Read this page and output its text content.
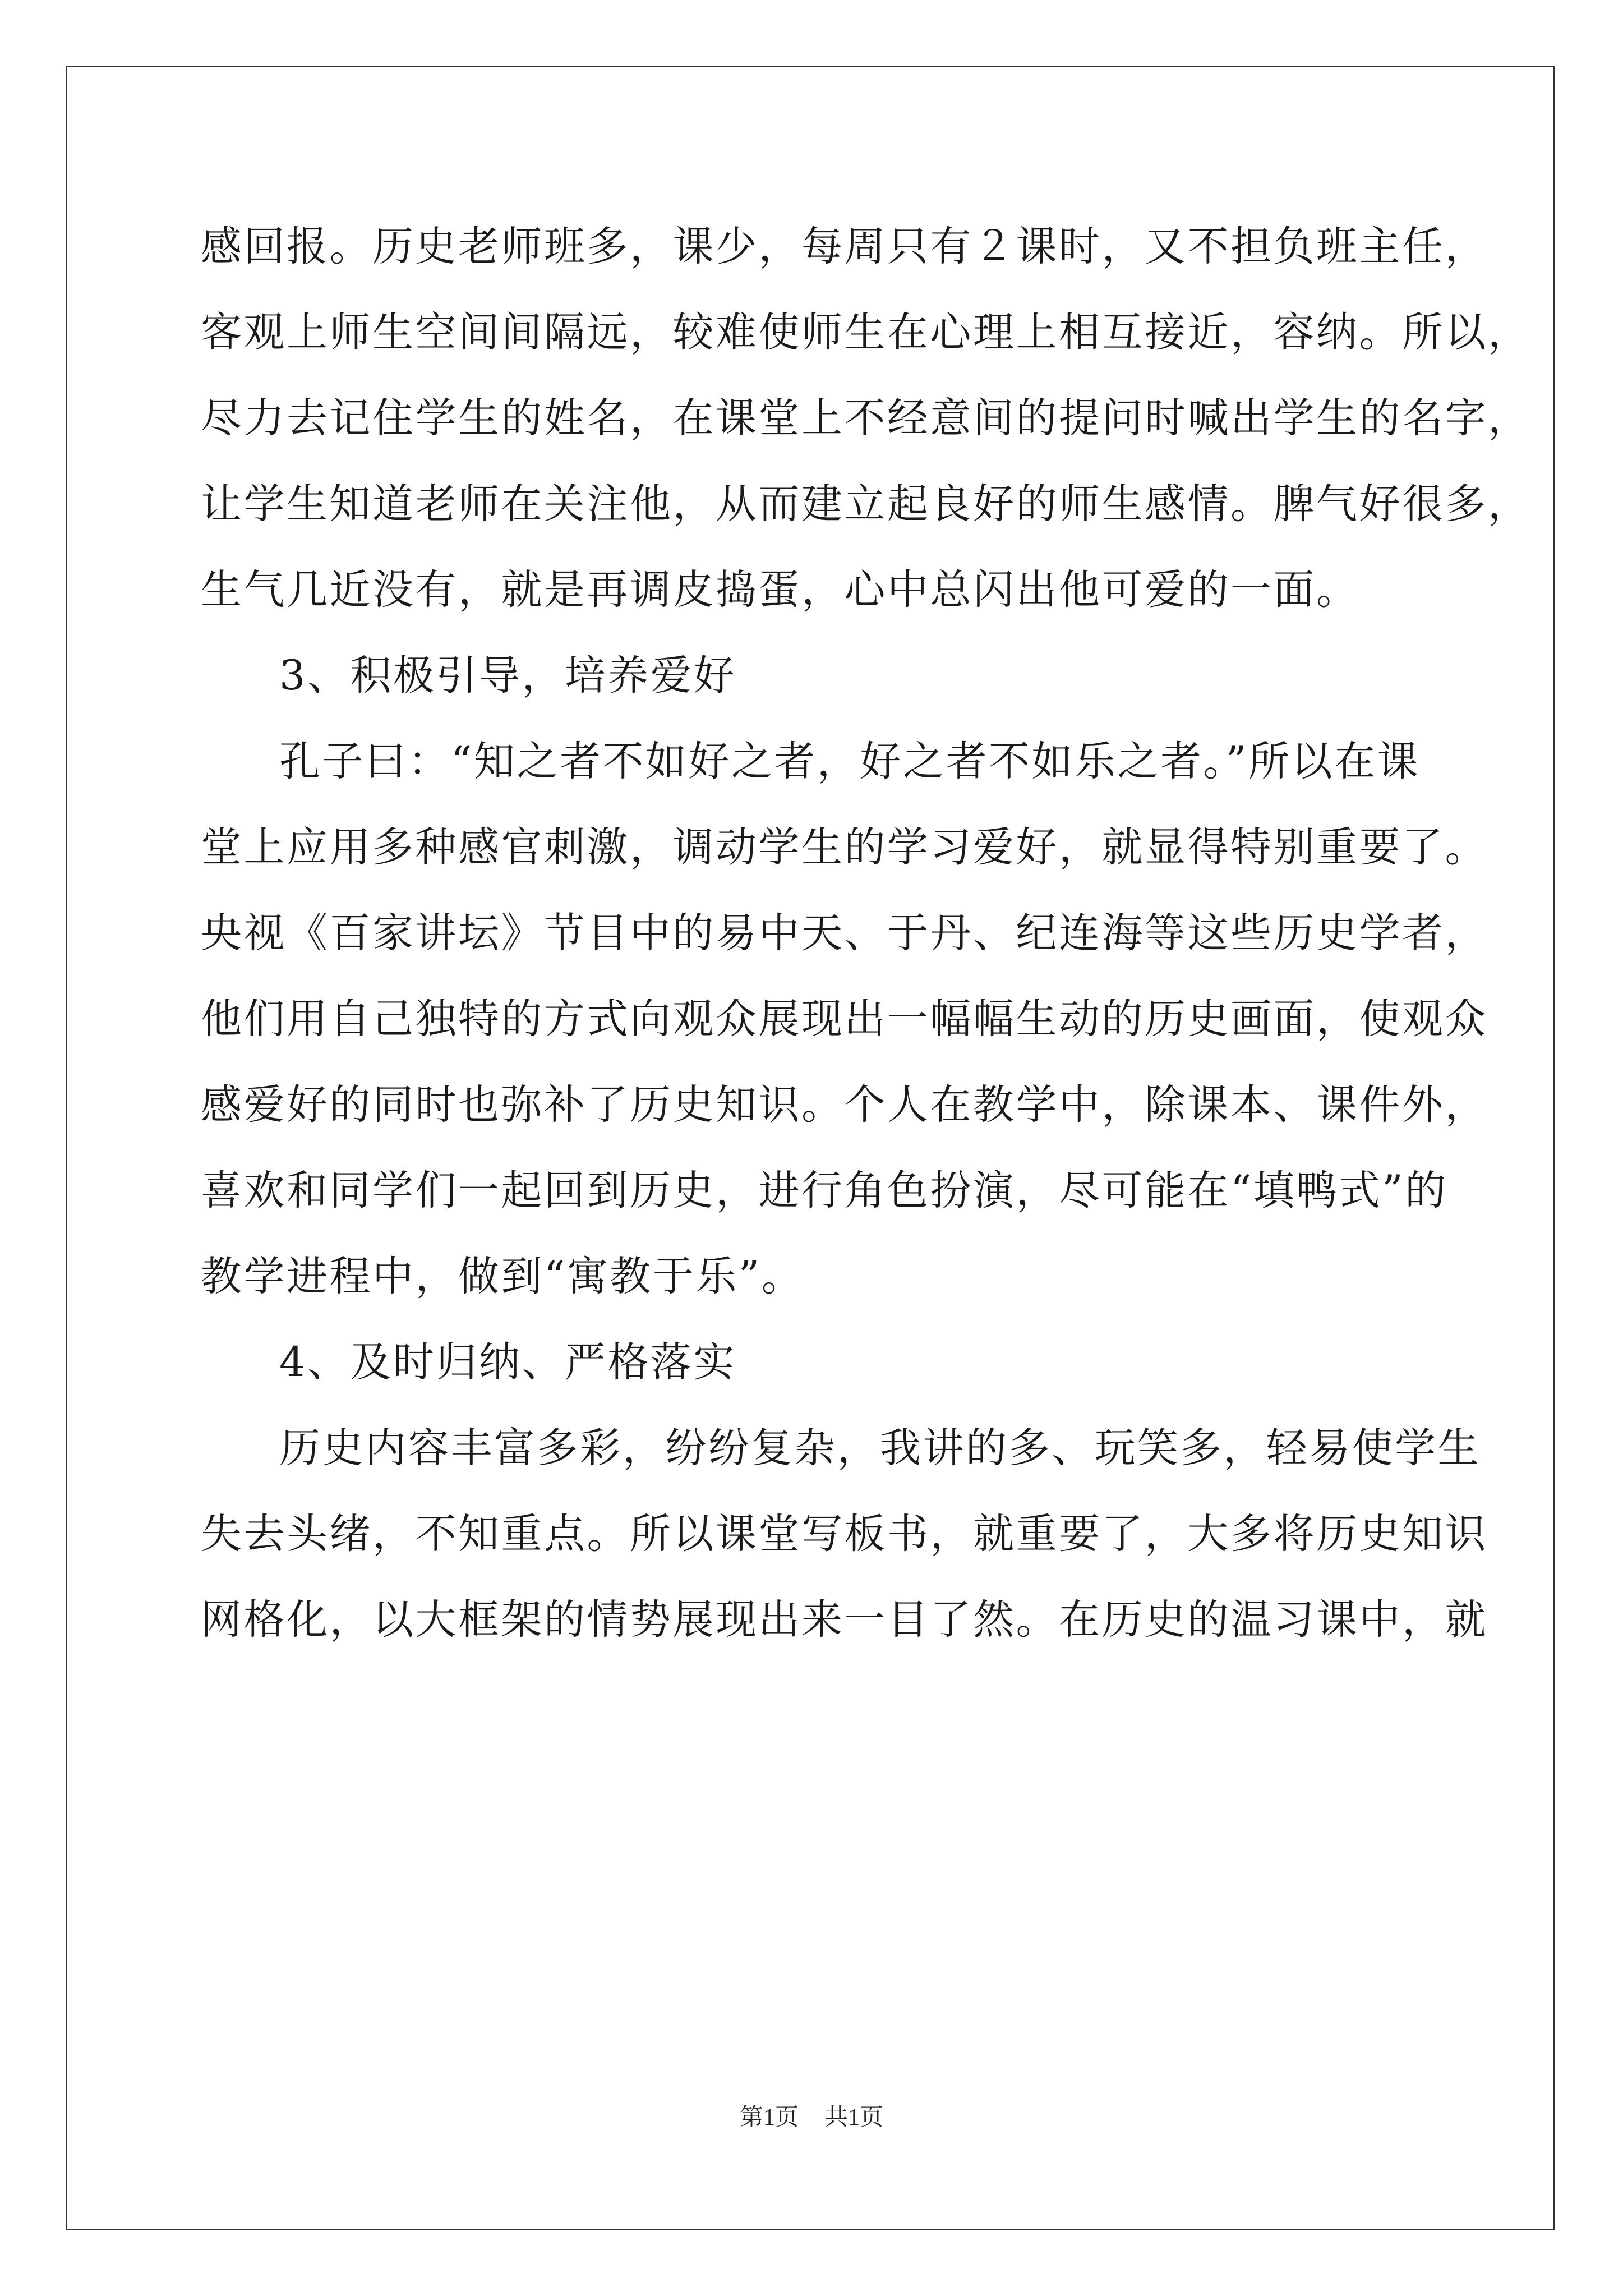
感回报。历史老师班多，课少，每周只有２课时，又不担负班主任，
客观上师生空间间隔远，较难使师生在心理上相互接近，容纳。所以，
尽力去记住学生的姓名，在课堂上不经意间的提问时喊出学生的名字，
让学生知道老师在关注他，从而建立起良好的师生感情。脾气好很多，
生气几近没有，就是再调皮捣蛋，心中总闪出他可爱的一面。
3、积极引导，培养爱好
孔子曰：“知之者不如好之者，好之者不如乐之者。”所以在课
堂上应用多种感官刺激，调动学生的学习爱好，就显得特别重要了。
央视《百家讲坛》节目中的易中天、于丹、纪连海等这些历史学者，
他们用自己独特的方式向观众展现出一幅幅生动的历史画面，使观众
感爱好的同时也弥补了历史知识。个人在教学中，除课本、课件外，
喜欢和同学们一起回到历史，进行角色扮演，尽可能在“填鸭式”的
教学进程中，做到“寓教于乐”。
4、及时归纳、严格落实
历史内容丰富多彩，纷纷复杂，我讲的多、玩笑多，轻易使学生
失去头绪，不知重点。所以课堂写板书，就重要了，大多将历史知识
网格化，以大框架的情势展现出来一目了然。在历史的温习课中，就
第1页 共1页
